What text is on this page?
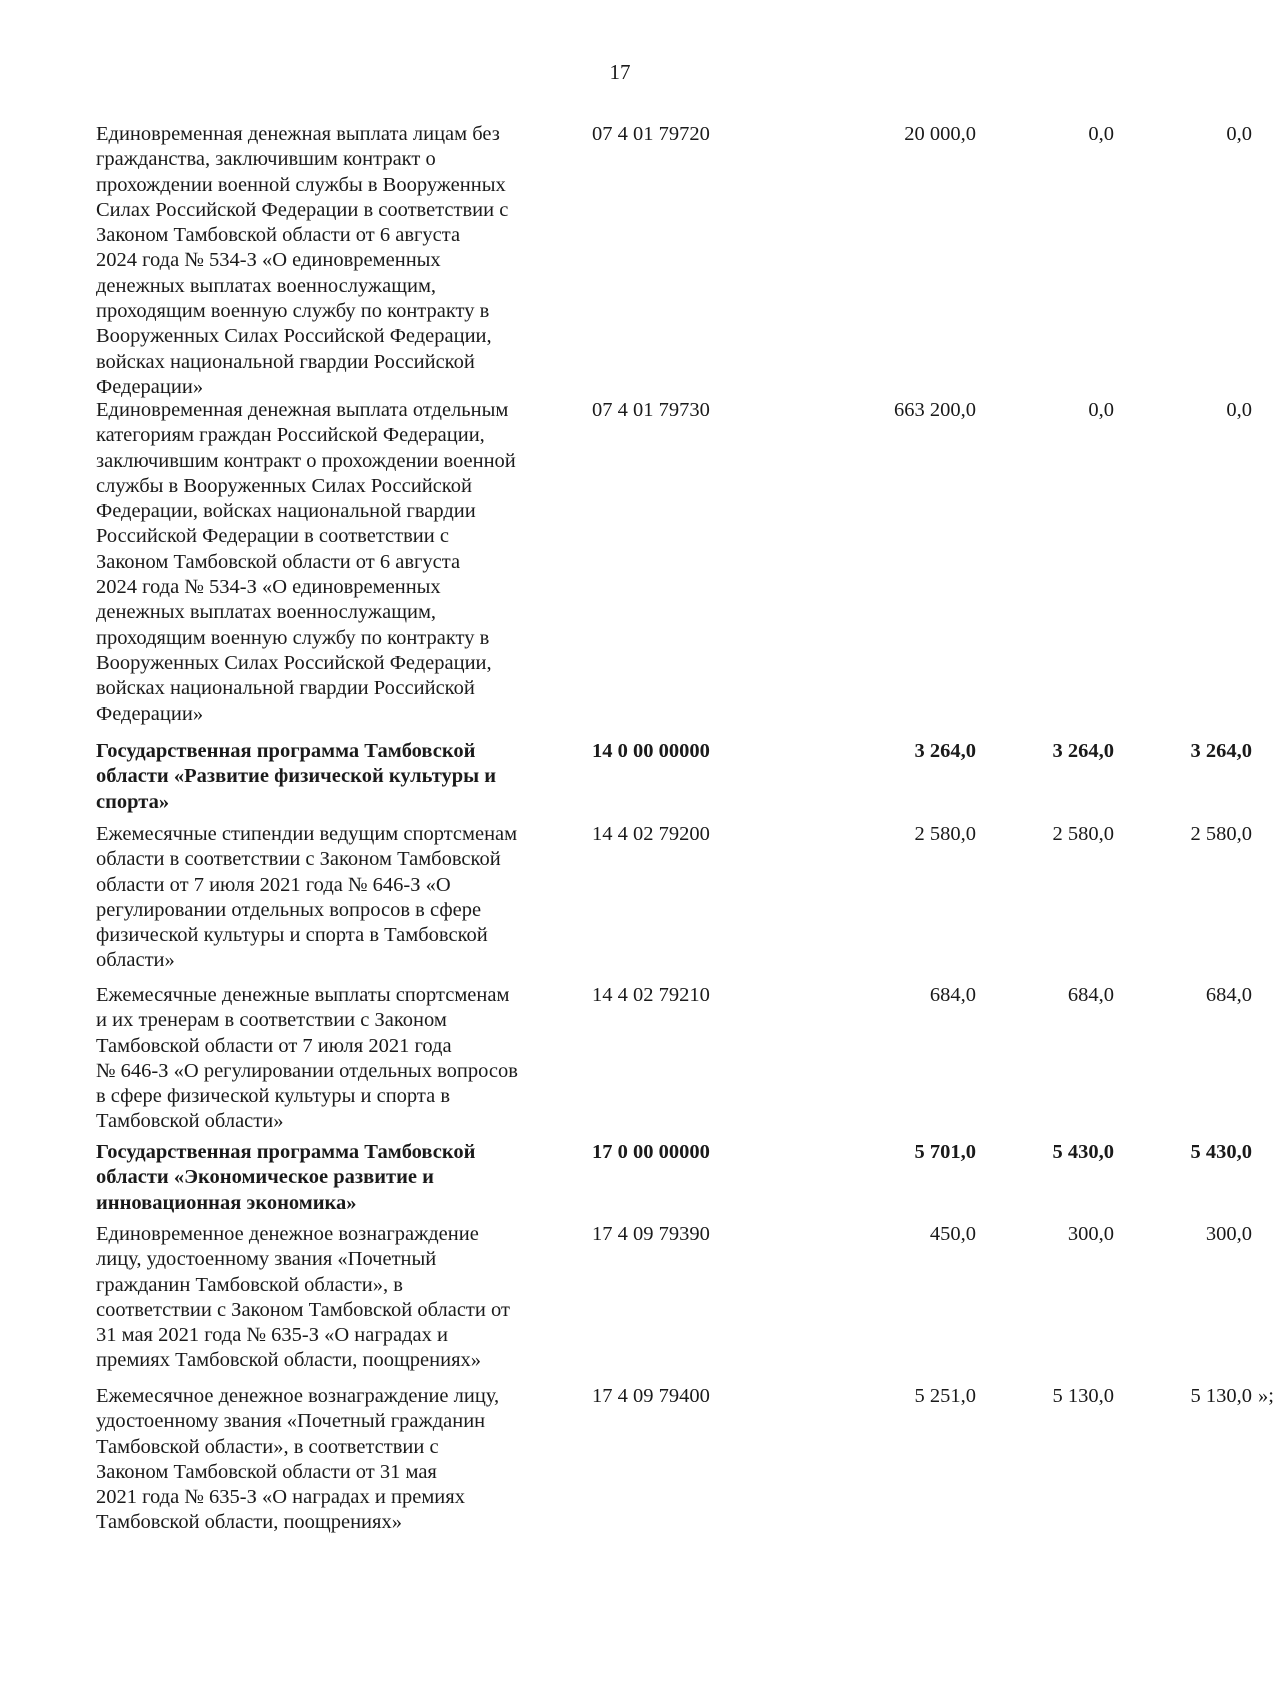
17
Единовременная денежная выплата лицам без
гражданства, заключившим контракт о
прохождении военной службы в Вооруженных
Силах Российской Федерации в соответствии с
Законом Тамбовской области от 6 августа
2024 года № 534-З «О единовременных
денежных выплатах военнослужащим,
проходящим военную службу по контракту в
Вооруженных Силах Российской Федерации,
войсках национальной гвардии Российской
Федерации»
07 4 01 79720	20 000,0	0,0	0,0
Единовременная денежная выплата отдельным
категориям граждан Российской Федерации,
заключившим контракт о прохождении военной
службы в Вооруженных Силах Российской
Федерации, войсках национальной гвардии
Российской Федерации в соответствии с
Законом Тамбовской области от 6 августа
2024 года № 534-З «О единовременных
денежных выплатах военнослужащим,
проходящим военную службу по контракту в
Вооруженных Силах Российской Федерации,
войсках национальной гвардии Российской
Федерации»
07 4 01 79730	663 200,0	0,0	0,0
Государственная программа Тамбовской
области «Развитие физической культуры и
спорта»
14 0 00 00000	3 264,0	3 264,0	3 264,0
Ежемесячные стипендии ведущим спортсменам
области в соответствии с Законом Тамбовской
области от 7 июля 2021 года № 646-З «О
регулировании отдельных вопросов в сфере
физической культуры и спорта в Тамбовской
области»
14 4 02 79200	2 580,0	2 580,0	2 580,0
Ежемесячные денежные выплаты спортсменам
и их тренерам в соответствии с Законом
Тамбовской области от 7 июля 2021 года
№ 646-З «О регулировании отдельных вопросов
в сфере физической культуры и спорта в
Тамбовской области»
14 4 02 79210	684,0	684,0	684,0
Государственная программа Тамбовской
области «Экономическое развитие и
инновационная экономика»
17 0 00 00000	5 701,0	5 430,0	5 430,0
Единовременное денежное вознаграждение
лицу, удостоенному звания «Почетный
гражданин Тамбовской области», в
соответствии с Законом Тамбовской области от
31 мая 2021 года № 635-З «О наградах и
премиях Тамбовской области, поощрениях»
17 4 09 79390	450,0	300,0	300,0
Ежемесячное денежное вознаграждение лицу,
удостоенному звания «Почетный гражданин
Тамбовской области», в соответствии с
Законом Тамбовской области от 31 мая
2021 года № 635-З «О наградах и премиях
Тамбовской области, поощрениях»
17 4 09 79400	5 251,0	5 130,0	5 130,0 »;
